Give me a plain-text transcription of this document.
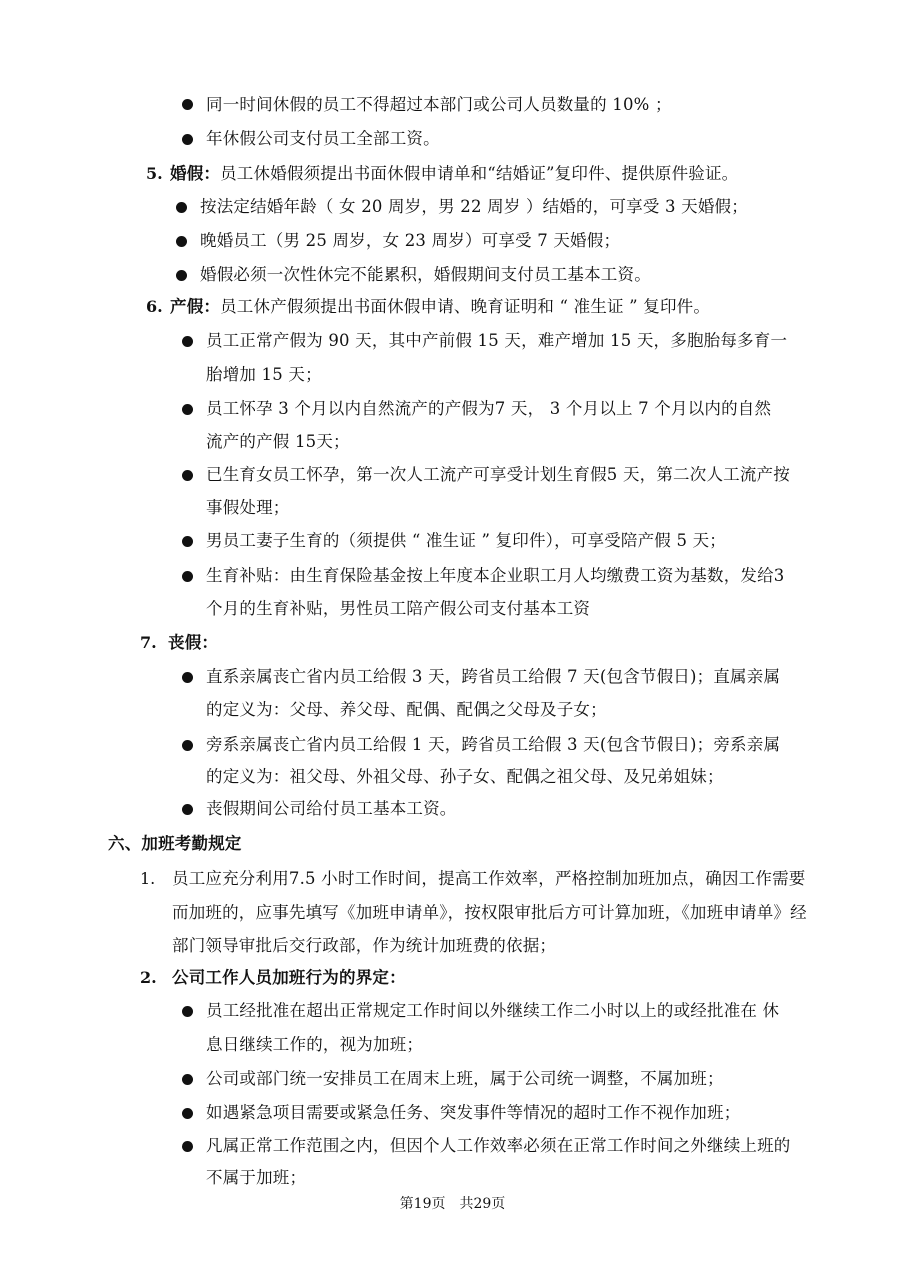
同一时间休假的员工不得超过本部门或公司人员数量的 10% ；
年休假公司支付员工全部工资。
5. 婚假：员工休婚假须提出书面休假申请单和“结婚证”复印件、提供原件验证。
按法定结婚年龄（ 女 20 周岁，男 22 周岁 ）结婚的，可享受 3 天婚假；
晚婚员工（男 25 周岁，女 23 周岁）可享受 7 天婚假；
婚假必须一次性休完不能累积，婚假期间支付员工基本工资。
6. 产假：员工休产假须提出书面休假申请、晚育证明和 “ 准生证 ” 复印件。
员工正常产假为 90 天，其中产前假 15 天，难产增加 15 天，多胞胎每多育一
胎增加 15 天；
员工怀孕 3 个月以内自然流产的产假为7 天， 3 个月以上 7 个月以内的自然
流产的产假 15天；
已生育女员工怀孕，第一次人工流产可享受计划生育假5 天，第二次人工流产按
事假处理；
男员工妻子生育的（须提供 “ 准生证 ” 复印件），可享受陪产假 5 天；
生育补贴：由生育保险基金按上年度本企业职工月人均缴费工资为基数，发给3
个月的生育补贴，男性员工陪产假公司支付基本工资
7. 丧假：
直系亲属丧亡省内员工给假 3 天，跨省员工给假 7 天(包含节假日)；直属亲属
的定义为：父母、养父母、配偶、配偶之父母及子女；
旁系亲属丧亡省内员工给假 1 天，跨省员工给假 3 天(包含节假日)；旁系亲属
的定义为：祖父母、外祖父母、孙子女、配偶之祖父母、及兄弟姐妹；
丧假期间公司给付员工基本工资。
六、加班考勤规定
1. 员工应充分利用7.5 小时工作时间，提高工作效率，严格控制加班加点，确因工作需要
而加班的，应事先填写《加班申请单》，按权限审批后方可计算加班，《加班申请单》经
部门领导审批后交行政部，作为统计加班费的依据；
2. 公司工作人员加班行为的界定：
员工经批准在超出正常规定工作时间以外继续工作二小时以上的或经批准在 休
息日继续工作的，视为加班；
公司或部门统一安排员工在周末上班，属于公司统一调整，不属加班；
如遇紧急项目需要或紧急任务、突发事件等情况的超时工作不视作加班；
凡属正常工作范围之内，但因个人工作效率必须在正常工作时间之外继续上班的
不属于加班；
第19页　共29页
